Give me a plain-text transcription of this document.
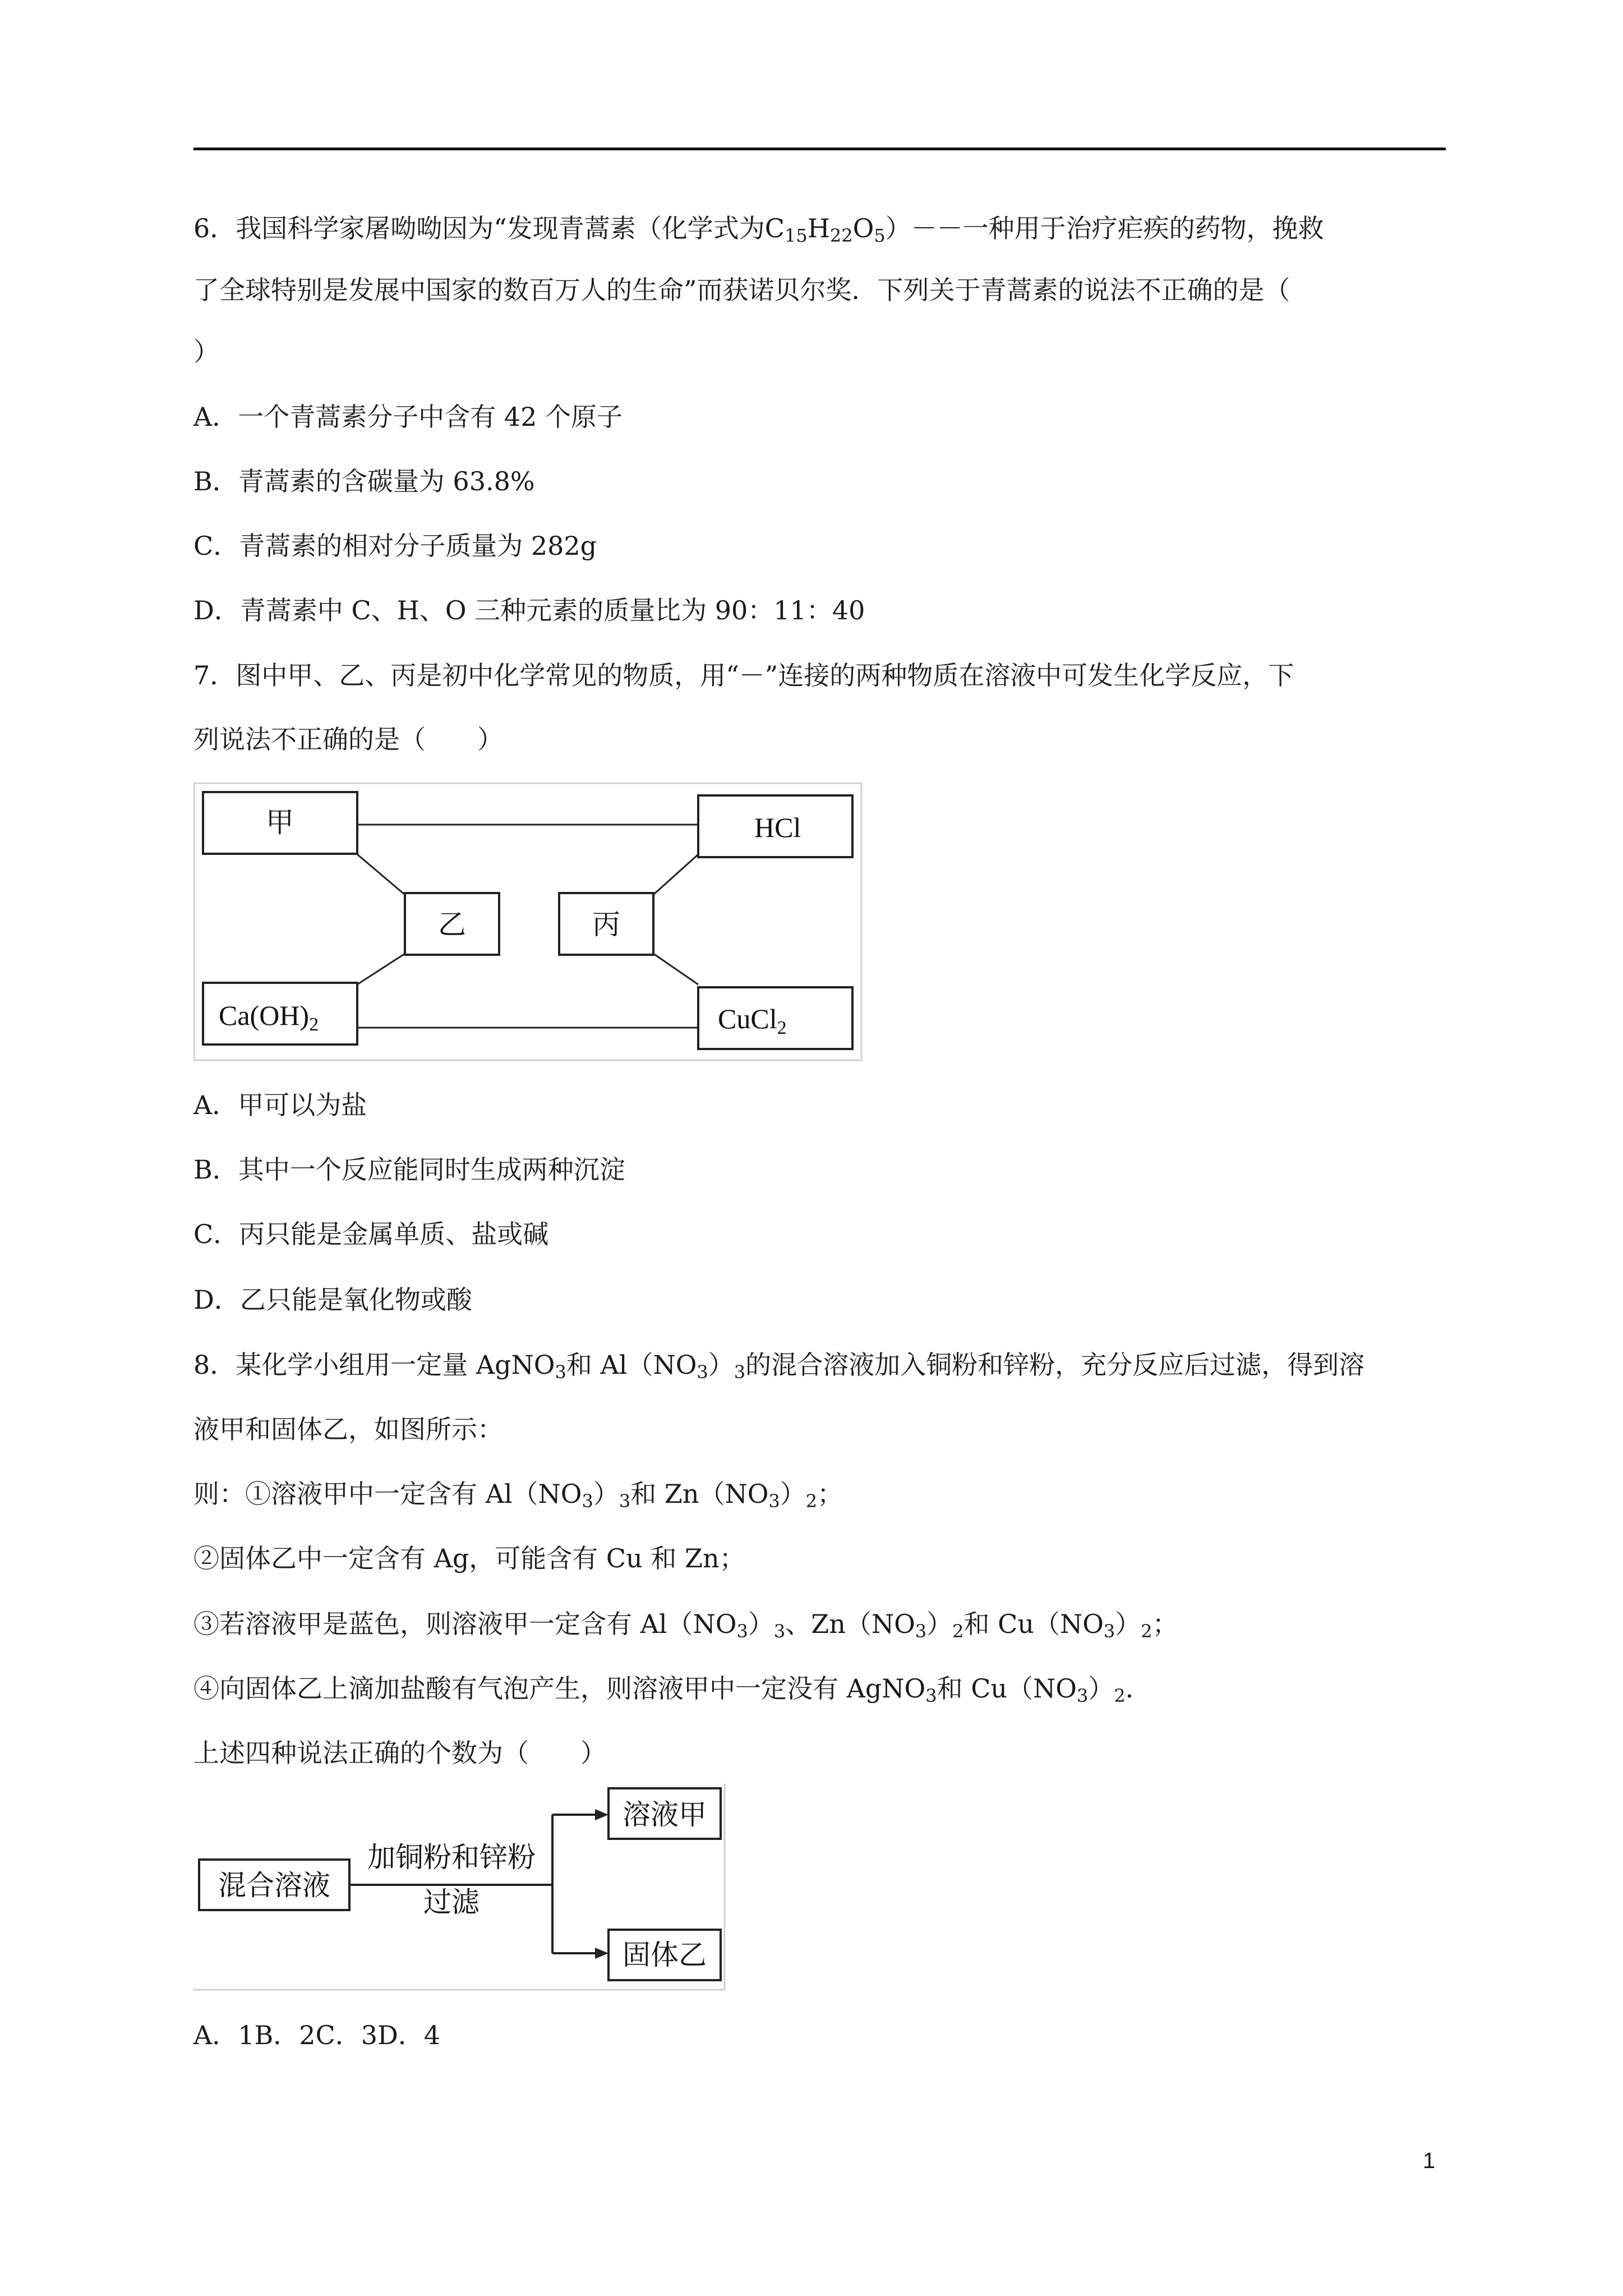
6．我国科学家屠呦呦因为“发现青蒿素（化学式为$C_{15}H_{22}O_5)--$一种用于治疗疟疾的药物，挽救
了全球特别是发展中国家的数百万人的生命”而获诺贝尔奖．下列关于青蒿素的说法不正确的是（
）
A．一个青蒿素分子中含有 42 个原子
B．青蒿素的含碳量为 63.8%
C．青蒿素的相对分子质量为 282g
D．青蒿素中 C、H、O 三种元素的质量比为 90：11：40
7．图中甲、乙、丙是初中化学常见的物质，用“－”连接的两种物质在溶液中可发生化学反应，下
列说法不正确的是（　　）
甲	HCl
乙	丙
$Ca(OH)_2$	CuCl$_2$
A．甲可以为盐
B．其中一个反应能同时生成两种沉淀
C．丙只能是金属单质、盐或碱
D．乙只能是氧化物或酸
8．某化学小组用一定量 AgNO$_3$和 $Al(NO_3)_3$的混合溶液加入铜粉和锌粉，充分反应后过滤，得到溶
液甲和固体乙，如图所示：
则：①溶液甲中一定含有 $Al(NO_3)_3$和 $Zn(NO_3)_2$；
②固体乙中一定含有 Ag，可能含有 Cu 和 Zn；
③若溶液甲是蓝色，则溶液甲一定含有 $Al(NO_3)_3$、$Zn(NO_3)_2$和 $Cu(NO_3)_2$；
④向固体乙上滴加盐酸有气泡产生，则溶液甲中一定没有 AgNO$_3$和 $Cu(NO_3)_2$．
上述四种说法正确的个数为（　　）
混合溶液
加铜粉和锌粉
过滤
溶液甲
固体乙
A．1B．2C．3D．4
1
